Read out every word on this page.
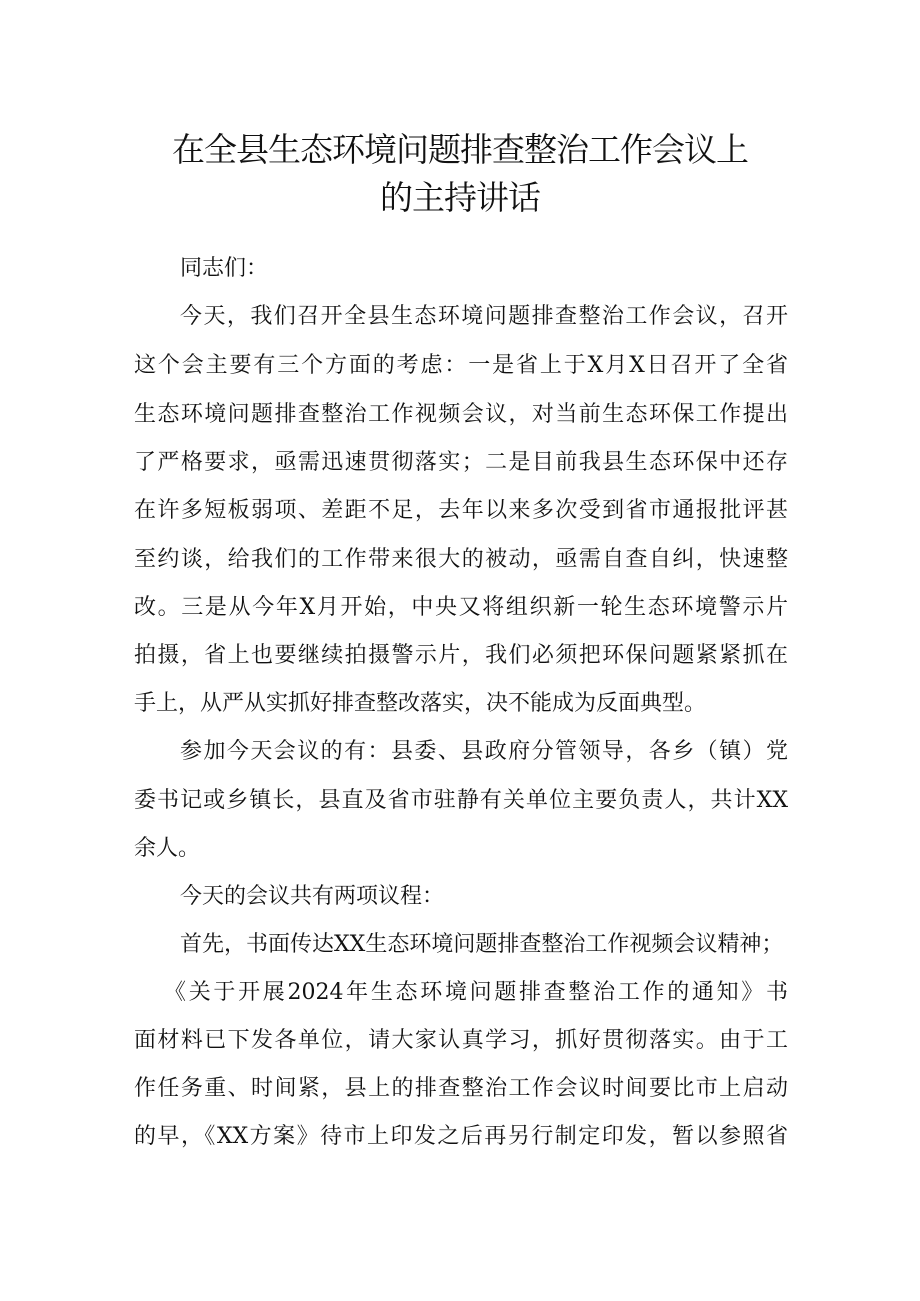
在全县生态环境问题排查整治工作会议上
的主持讲话
同志们：
今天，我们召开全县生态环境问题排查整治工作会议，召开
这个会主要有三个方面的考虑：一是省上于X月X日召开了全省
生态环境问题排查整治工作视频会议，对当前生态环保工作提出
了严格要求，亟需迅速贯彻落实；二是目前我县生态环保中还存
在许多短板弱项、差距不足，去年以来多次受到省市通报批评甚
至约谈，给我们的工作带来很大的被动，亟需自查自纠，快速整
改。三是从今年X月开始，中央又将组织新一轮生态环境警示片
拍摄，省上也要继续拍摄警示片，我们必须把环保问题紧紧抓在
手上，从严从实抓好排查整改落实，决不能成为反面典型。
参加今天会议的有：县委、县政府分管领导，各乡（镇）党
委书记或乡镇长，县直及省市驻静有关单位主要负责人，共计XX
余人。
今天的会议共有两项议程：
首先，书面传达XX生态环境问题排查整治工作视频会议精神；
《关于开展2024年生态环境问题排查整治工作的通知》书
面材料已下发各单位，请大家认真学习，抓好贯彻落实。由于工
作任务重、时间紧，县上的排查整治工作会议时间要比市上启动
的早，《XX方案》待市上印发之后再另行制定印发，暂以参照省
